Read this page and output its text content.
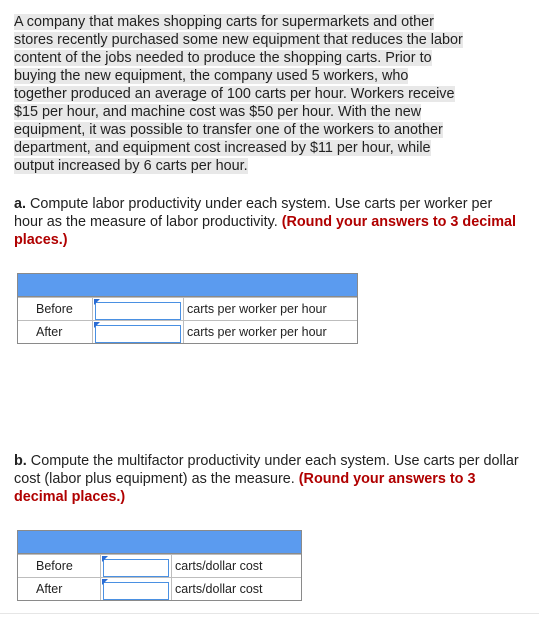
A company that makes shopping carts for supermarkets and other
stores recently purchased some new equipment that reduces the labor
content of the jobs needed to produce the shopping carts. Prior to
buying the new equipment, the company used 5 workers, who
together produced an average of 100 carts per hour. Workers receive
$15 per hour, and machine cost was $50 per hour. With the new
equipment, it was possible to transfer one of the workers to another
department, and equipment cost increased by $11 per hour, while
output increased by 6 carts per hour.
a. Compute labor productivity under each system. Use carts per worker per hour as the measure of labor productivity. (Round your answers to 3 decimal places.)
Before	carts per worker per hour
After	carts per worker per hour
b. Compute the multifactor productivity under each system. Use carts per dollar cost (labor plus equipment) as the measure. (Round your answers to 3 decimal places.)
Before	carts/dollar cost
After	carts/dollar cost
